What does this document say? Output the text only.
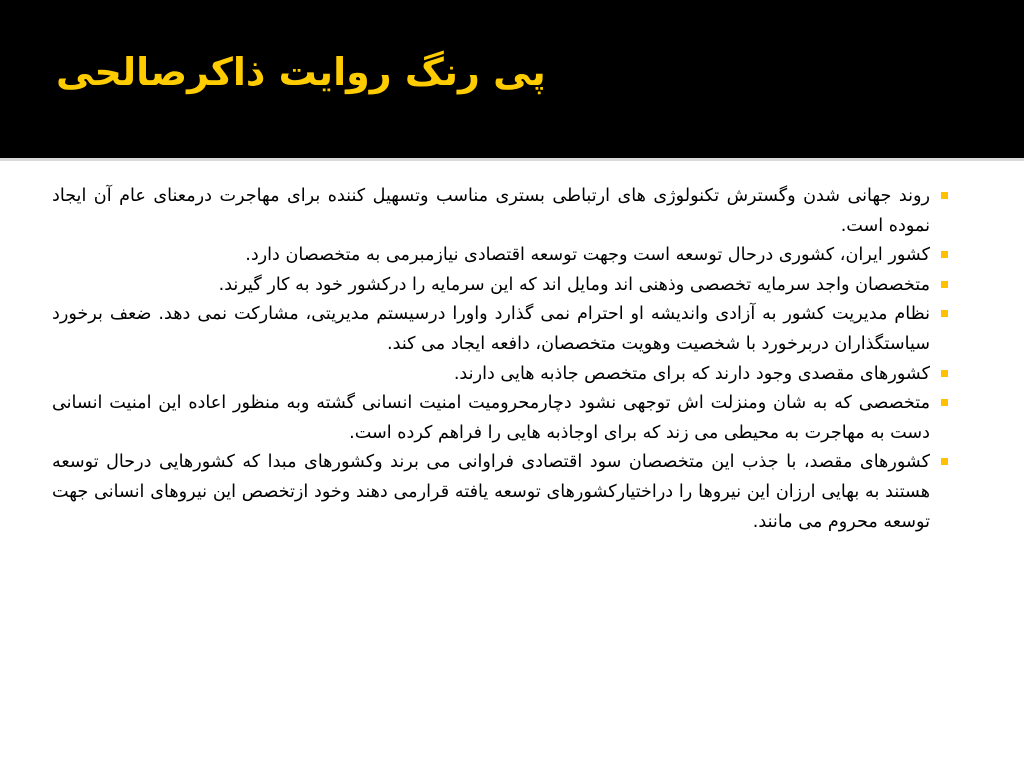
پی رنگ روایت ذاکرصالحی
روند جهانی شدن وگسترش تکنولوژی های ارتباطی بستری مناسب وتسهیل کننده برای مهاجرت درمعنای عام آن ایجاد نموده است.
کشور ایران، کشوری درحال توسعه است وجهت توسعه اقتصادی نیازمبرمی به متخصصان دارد.
متخصصان واجد سرمایه تخصصی وذهنی اند ومایل اند که این سرمایه را درکشور خود به کار گیرند.
نظام مدیریت کشور به آزادی واندیشه او احترام نمی گذارد واورا درسیستم مدیریتی، مشارکت نمی دهد. ضعف برخورد سیاستگذاران دربرخورد با شخصیت وهویت متخصصان، دافعه ایجاد می کند.
کشورهای مقصدی وجود دارند که برای متخصص جاذبه هایی دارند.
متخصصی که به شان ومنزلت اش توجهی نشود دچارمحرومیت امنیت انسانی گشته وبه منظور اعاده این امنیت انسانی دست به مهاجرت به محیطی می زند که برای اوجاذبه هایی را فراهم کرده است.
کشورهای مقصد، با جذب این متخصصان سود اقتصادی فراوانی می برند وکشورهای مبدا که کشورهایی درحال توسعه هستند به بهایی ارزان این نیروها را دراختیارکشورهای توسعه یافته قرارمی دهند وخود ازتخصص این نیروهای انسانی جهت توسعه محروم می مانند.
